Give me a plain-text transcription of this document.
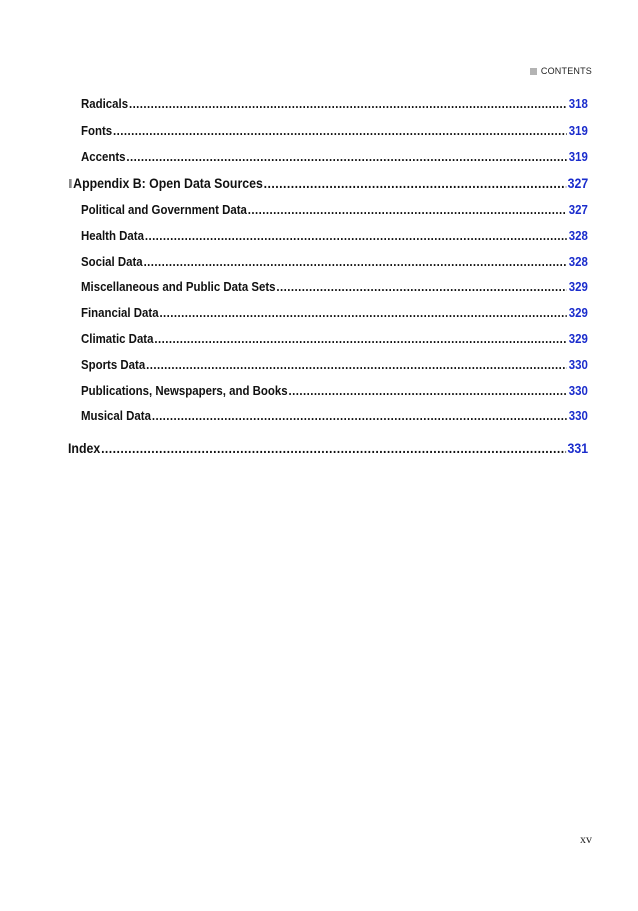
CONTENTS
Radicals .....	318
Fonts .....	319
Accents .....	319
Appendix B: Open Data Sources .....	327
Political and Government Data .....	327
Health Data .....	328
Social Data .....	328
Miscellaneous and Public Data Sets .....	329
Financial Data .....	329
Climatic Data .....	329
Sports Data .....	330
Publications, Newspapers, and Books .....	330
Musical Data .....	330
Index .....	331
xv
